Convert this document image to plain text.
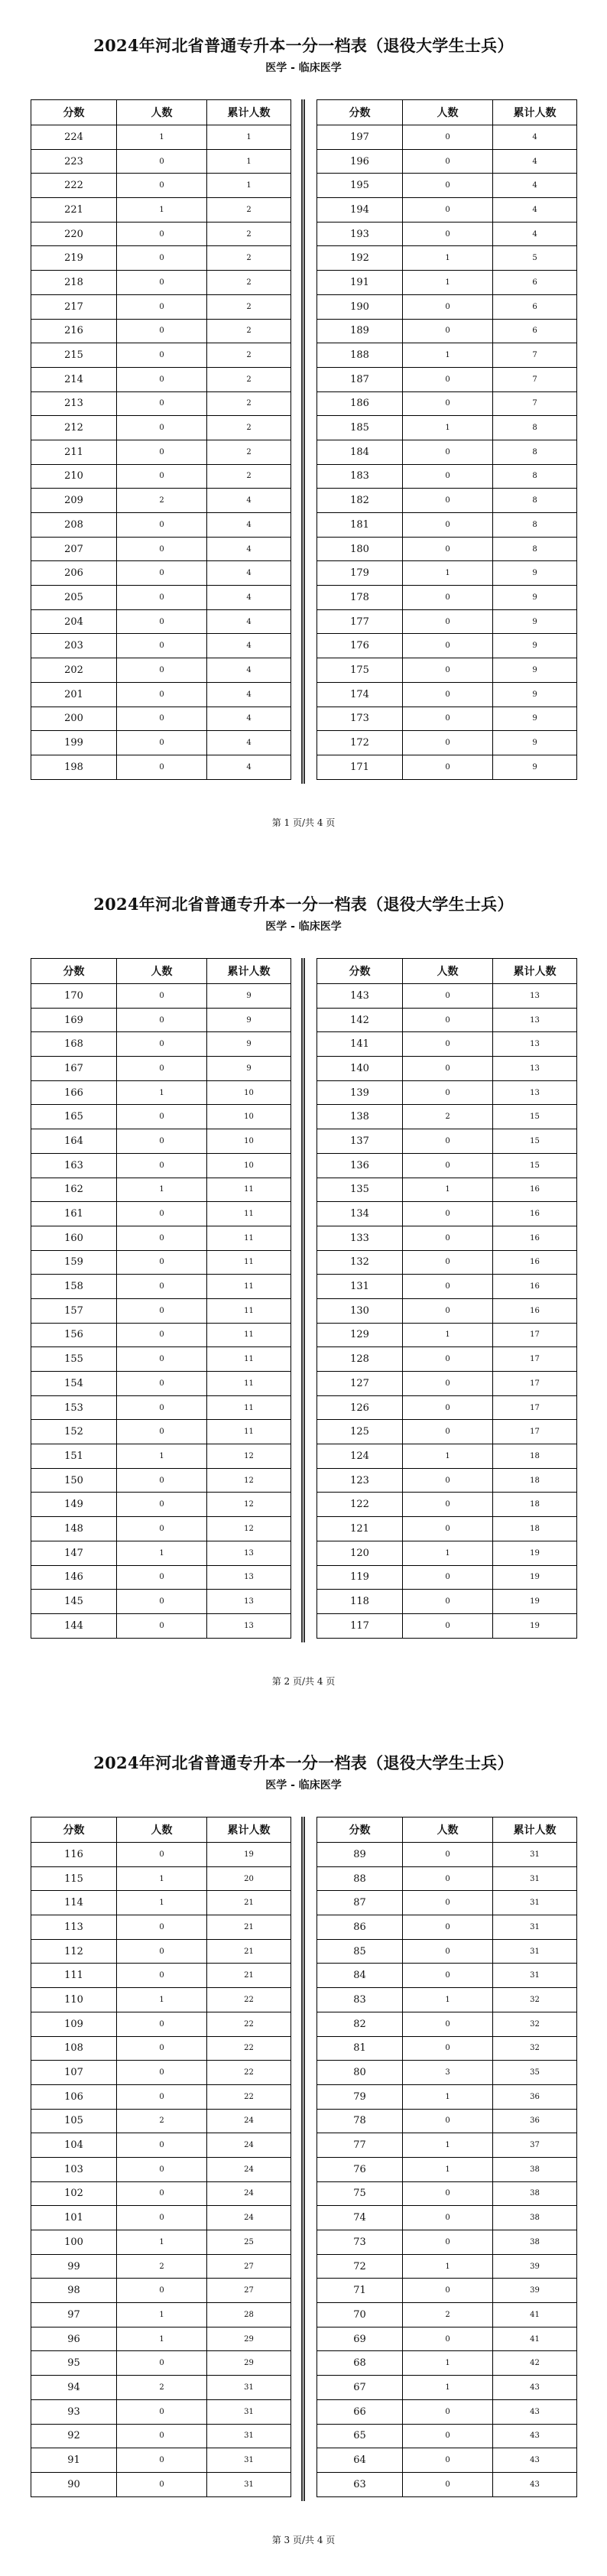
2024年河北省普通专升本一分一档表（退役大学生士兵）
医学 - 临床医学
分数	人数	累计人数
224	1	1
223	0	1
222	0	1
221	1	2
220	0	2
219	0	2
218	0	2
217	0	2
216	0	2
215	0	2
214	0	2
213	0	2
212	0	2
211	0	2
210	0	2
209	2	4
208	0	4
207	0	4
206	0	4
205	0	4
204	0	4
203	0	4
202	0	4
201	0	4
200	0	4
199	0	4
198	0	4
分数	人数	累计人数
197	0	4
196	0	4
195	0	4
194	0	4
193	0	4
192	1	5
191	1	6
190	0	6
189	0	6
188	1	7
187	0	7
186	0	7
185	1	8
184	0	8
183	0	8
182	0	8
181	0	8
180	0	8
179	1	9
178	0	9
177	0	9
176	0	9
175	0	9
174	0	9
173	0	9
172	0	9
171	0	9
第 1 页/共 4 页
2024年河北省普通专升本一分一档表（退役大学生士兵）
医学 - 临床医学
分数	人数	累计人数
170	0	9
169	0	9
168	0	9
167	0	9
166	1	10
165	0	10
164	0	10
163	0	10
162	1	11
161	0	11
160	0	11
159	0	11
158	0	11
157	0	11
156	0	11
155	0	11
154	0	11
153	0	11
152	0	11
151	1	12
150	0	12
149	0	12
148	0	12
147	1	13
146	0	13
145	0	13
144	0	13
分数	人数	累计人数
143	0	13
142	0	13
141	0	13
140	0	13
139	0	13
138	2	15
137	0	15
136	0	15
135	1	16
134	0	16
133	0	16
132	0	16
131	0	16
130	0	16
129	1	17
128	0	17
127	0	17
126	0	17
125	0	17
124	1	18
123	0	18
122	0	18
121	0	18
120	1	19
119	0	19
118	0	19
117	0	19
第 2 页/共 4 页
2024年河北省普通专升本一分一档表（退役大学生士兵）
医学 - 临床医学
分数	人数	累计人数
116	0	19
115	1	20
114	1	21
113	0	21
112	0	21
111	0	21
110	1	22
109	0	22
108	0	22
107	0	22
106	0	22
105	2	24
104	0	24
103	0	24
102	0	24
101	0	24
100	1	25
99	2	27
98	0	27
97	1	28
96	1	29
95	0	29
94	2	31
93	0	31
92	0	31
91	0	31
90	0	31
分数	人数	累计人数
89	0	31
88	0	31
87	0	31
86	0	31
85	0	31
84	0	31
83	1	32
82	0	32
81	0	32
80	3	35
79	1	36
78	0	36
77	1	37
76	1	38
75	0	38
74	0	38
73	0	38
72	1	39
71	0	39
70	2	41
69	0	41
68	1	42
67	1	43
66	0	43
65	0	43
64	0	43
63	0	43
第 3 页/共 4 页
